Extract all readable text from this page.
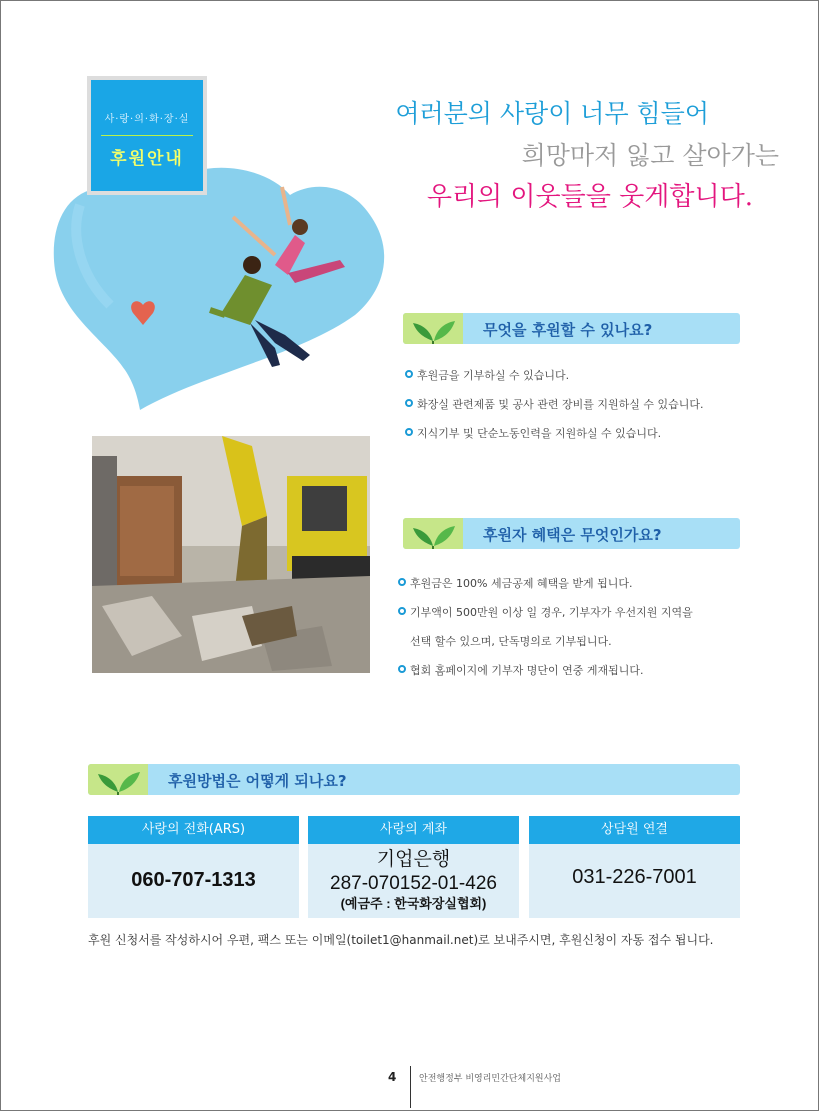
사·랑·의·화·장·실
후원안내
여러분의 사랑이 너무 힘들어
희망마저 잃고 살아가는
우리의 이웃들을 웃게합니다.
무엇을 후원할 수 있나요?
후원금을 기부하실 수 있습니다.
화장실 관련제품 및 공사 관련 장비를 지원하실 수 있습니다.
지식기부 및 단순노동인력을 지원하실 수 있습니다.
후원자 혜택은 무엇인가요?
후원금은 100% 세금공제 혜택을 받게 됩니다.
기부액이 500만원 이상 일 경우, 기부자가 우선지원 지역을
선택 할수 있으며, 단독명의로 기부됩니다.
협회 홈페이지에 기부자 명단이 연중 게재됩니다.
후원방법은 어떻게 되나요?
사랑의 전화(ARS)
060-707-1313
사랑의 계좌
기업은행
287-070152-01-426
(예금주 : 한국화장실협회)
상담원 연결
031-226-7001
후원 신청서를 작성하시어 우편, 팩스 또는 이메일(toilet1@hanmail.net)로 보내주시면, 후원신청이 자동 접수 됩니다.
4	안전행정부 비영리민간단체지원사업
